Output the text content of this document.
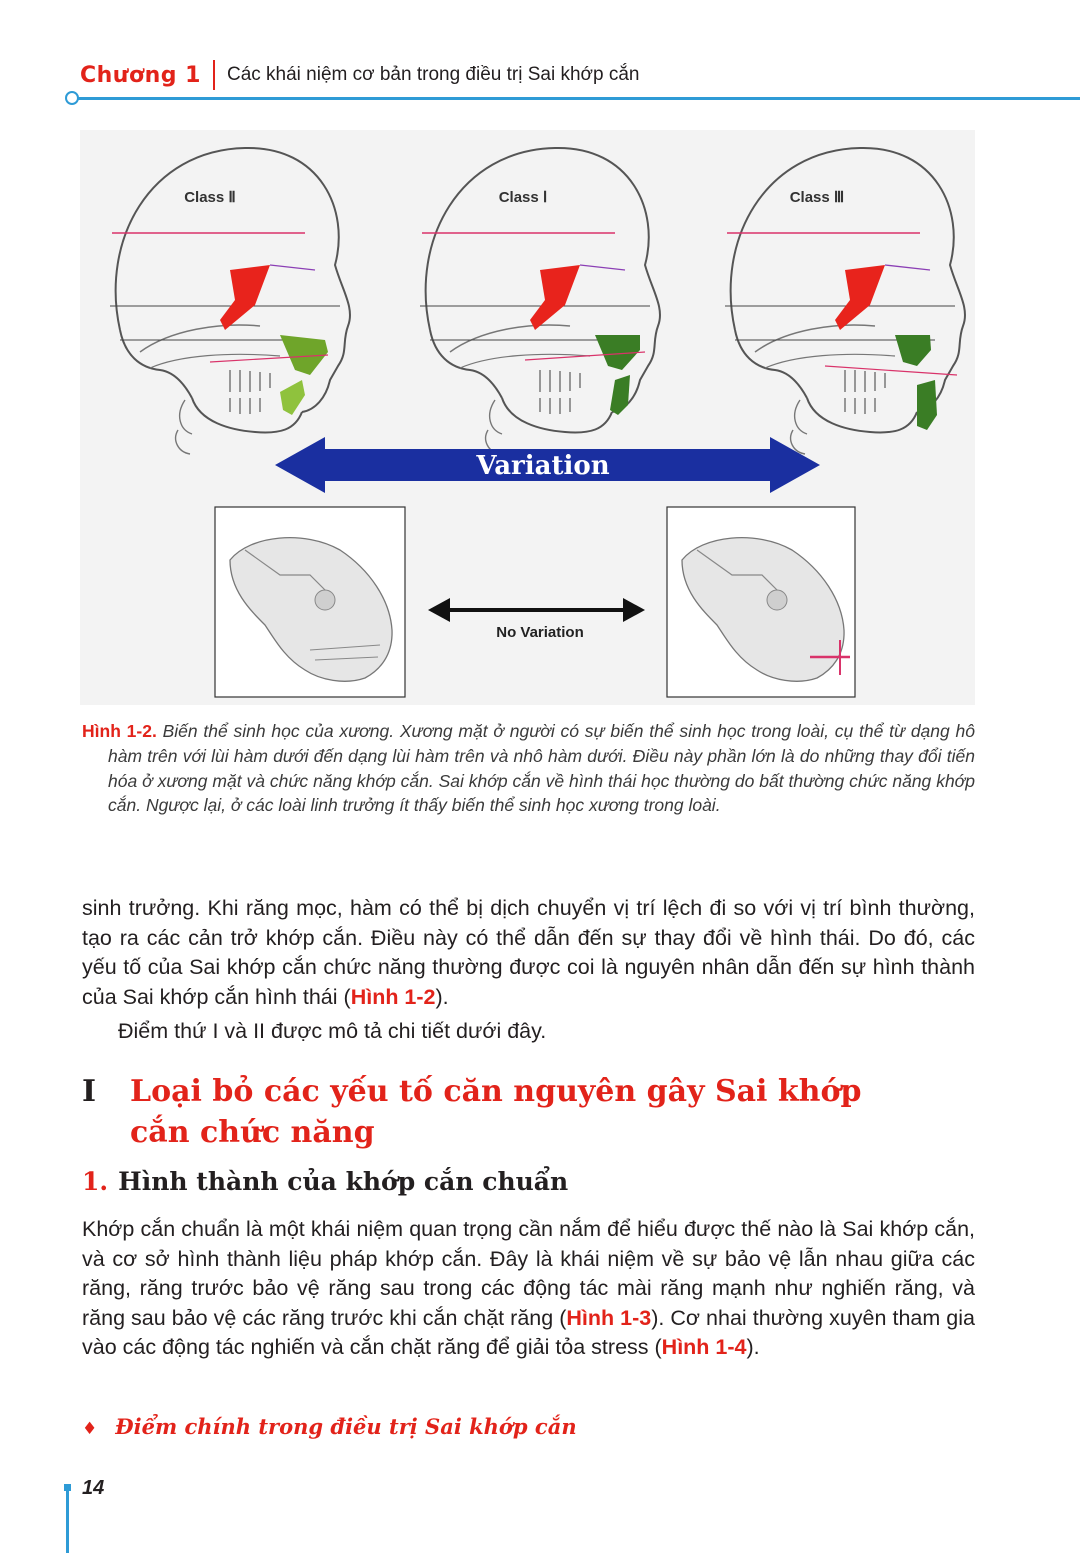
Chương 1 Các khái niệm cơ bản trong điều trị Sai khớp cắn
Class Ⅱ	Class Ⅰ	Class Ⅲ
Variation
No Variation
Hình 1-2. Biến thể sinh học của xương. Xương mặt ở người có sự biến thể sinh học trong loài, cụ thể từ dạng hô hàm trên với lùi hàm dưới đến dạng lùi hàm trên và nhô hàm dưới. Điều này phần lớn là do những thay đổi tiến hóa ở xương mặt và chức năng khớp cắn. Sai khớp cắn về hình thái học thường do bất thường chức năng khớp cắn. Ngược lại, ở các loài linh trưởng ít thấy biến thể sinh học xương trong loài.
sinh trưởng. Khi răng mọc, hàm có thể bị dịch chuyển vị trí lệch đi so với vị trí bình thường, tạo ra các cản trở khớp cắn. Điều này có thể dẫn đến sự thay đổi về hình thái. Do đó, các yếu tố của Sai khớp cắn chức năng thường được coi là nguyên nhân dẫn đến sự hình thành của Sai khớp cắn hình thái (Hình 1-2).
Điểm thứ I và II được mô tả chi tiết dưới đây.
I	Loại bỏ các yếu tố căn nguyên gây Sai khớp cắn chức năng
1. Hình thành của khớp cắn chuẩn
Khớp cắn chuẩn là một khái niệm quan trọng cần nắm để hiểu được thế nào là Sai khớp cắn, và cơ sở hình thành liệu pháp khớp cắn. Đây là khái niệm về sự bảo vệ lẫn nhau giữa các răng, răng trước bảo vệ răng sau trong các động tác mài răng mạnh như nghiến răng, và răng sau bảo vệ các răng trước khi cắn chặt răng (Hình 1-3). Cơ nhai thường xuyên tham gia vào các động tác nghiến và cắn chặt răng để giải tỏa stress (Hình 1-4).
♦ Điểm chính trong điều trị Sai khớp cắn
14
